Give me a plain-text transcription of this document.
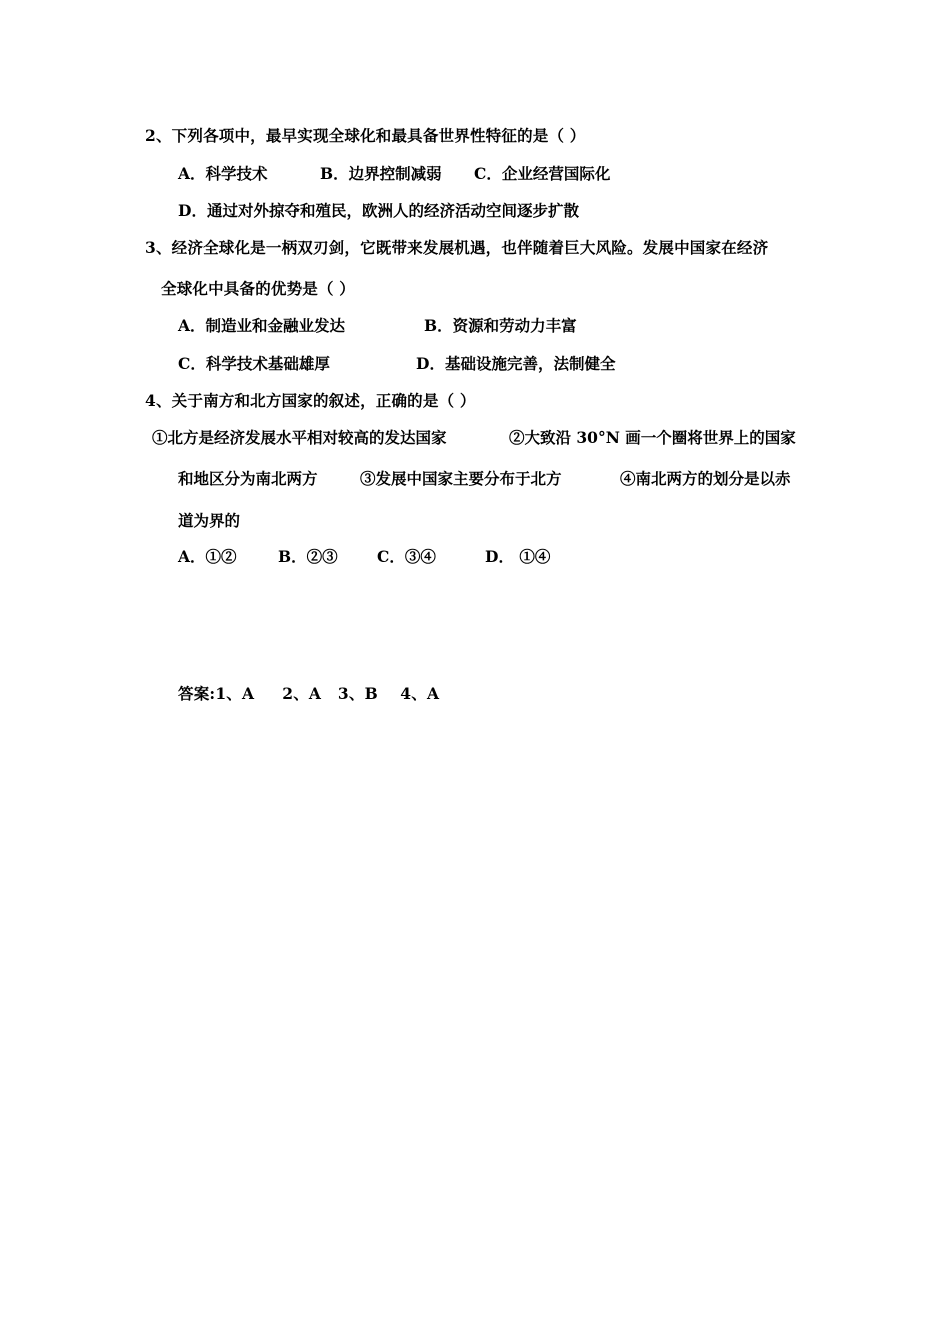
2、下列各项中，最早实现全球化和最具备世界性特征的是（ ）
A．科学技术	B．边界控制减弱 C．企业经营国际化
D．通过对外掠夺和殖民，欧洲人的经济活动空间逐步扩散
3、经济全球化是一柄双刃剑，它既带来发展机遇，也伴随着巨大风险。发展中国家在经济
全球化中具备的优势是（ ）
A．制造业和金融业发达	B．资源和劳动力丰富
C．科学技术基础雄厚	D．基础设施完善，法制健全
4、关于南方和北方国家的叙述，正确的是（ ）
①北方是经济发展水平相对较高的发达国家	②大致沿 30°N 画一个圈将世界上的国家
和地区分为南北两方	③发展中国家主要分布于北方	④南北两方的划分是以赤
道为界的
A．①②	B．②③	C．③④	D． ①④
答案:1、A     2、A   3、B    4、A
